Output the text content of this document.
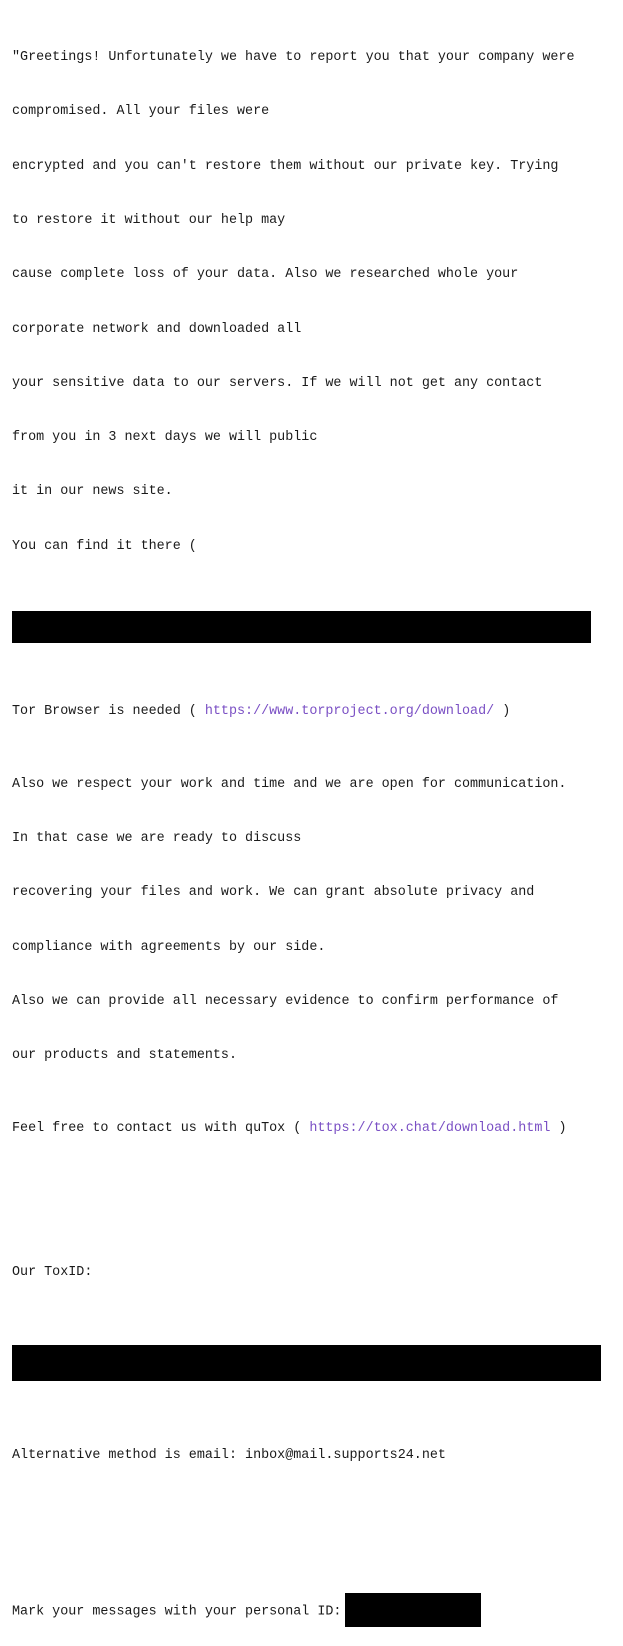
"Greetings! Unfortunately we have to report you that your company were

compromised. All your files were

encrypted and you can't restore them without our private key. Trying

to restore it without our help may

cause complete loss of your data. Also we researched whole your

corporate network and downloaded all

your sensitive data to our servers. If we will not get any contact

from you in 3 next days we will public

it in our news site.

You can find it there (

Tor Browser is needed ( https://www.torproject.org/download/ )

Also we respect your work and time and we are open for communication.

In that case we are ready to discuss

recovering your files and work. We can grant absolute privacy and

compliance with agreements by our side.

Also we can provide all necessary evidence to confirm performance of

our products and statements.

Feel free to contact us with quTox ( https://tox.chat/download.html )

Our ToxID:

Alternative method is email: inbox@mail.supports24.net

Mark your messages with your personal ID:
